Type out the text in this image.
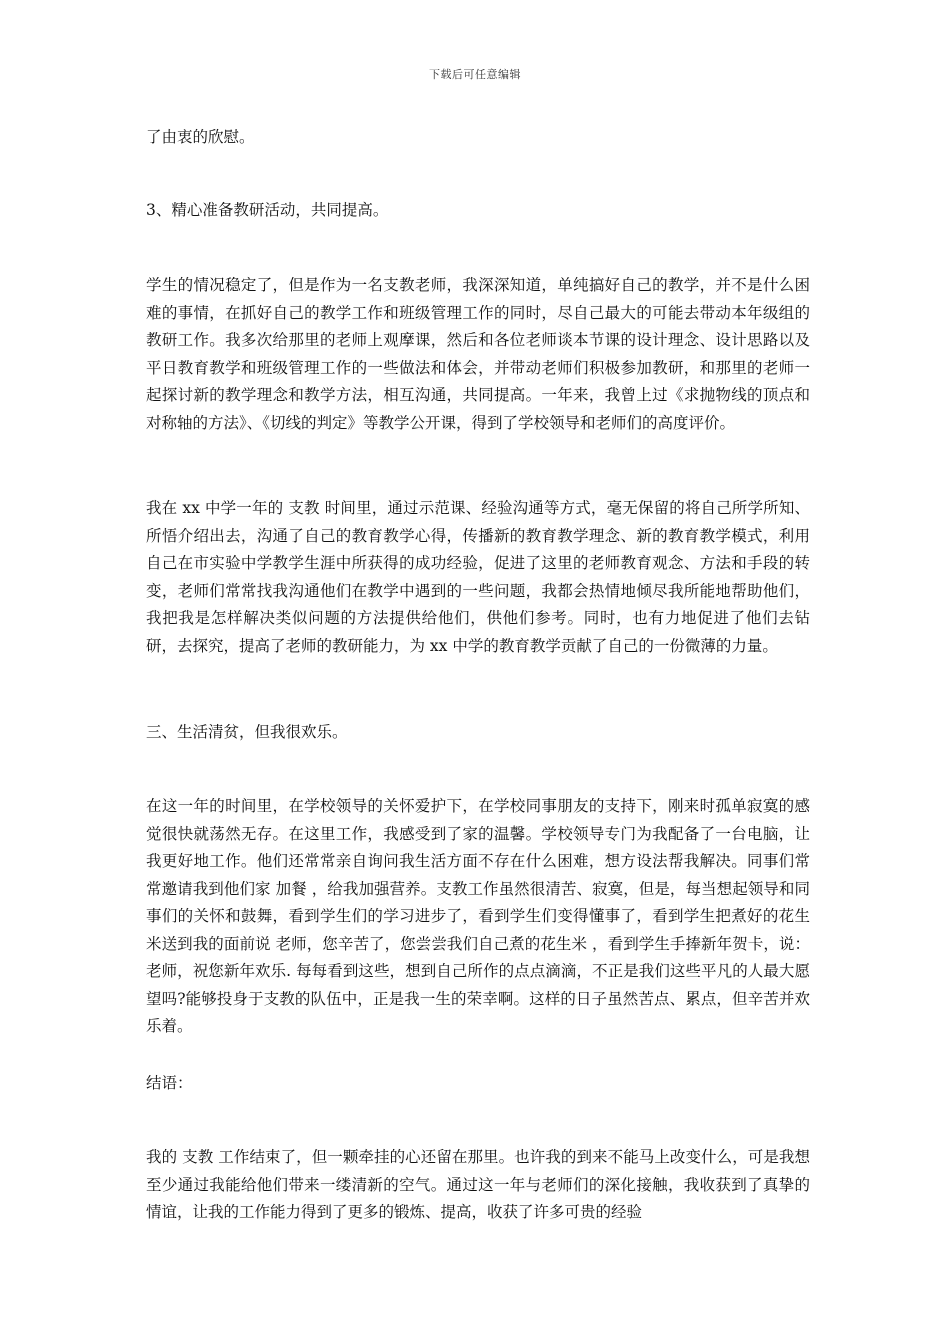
下载后可任意编辑

了由衷的欣慰。

3、精心准备教研活动，共同提高。

学生的情况稳定了，但是作为一名支教老师，我深深知道，单纯搞好自己的教学，并不是什么困难的事情，在抓好自己的教学工作和班级管理工作的同时，尽自己最大的可能去带动本年级组的教研工作。我多次给那里的老师上观摩课，然后和各位老师谈本节课的设计理念、设计思路以及平日教育教学和班级管理工作的一些做法和体会，并带动老师们积极参加教研，和那里的老师一起探讨新的教学理念和教学方法，相互沟通，共同提高。一年来，我曾上过《求抛物线的顶点和对称轴的方法》、《切线的判定》等教学公开课，得到了学校领导和老师们的高度评价。

我在 xx 中学一年的 支教 时间里，通过示范课、经验沟通等方式，毫无保留的将自己所学所知、所悟介绍出去，沟通了自己的教育教学心得，传播新的教育教学理念、新的教育教学模式，利用自己在市实验中学教学生涯中所获得的成功经验，促进了这里的老师教育观念、方法和手段的转变，老师们常常找我沟通他们在教学中遇到的一些问题，我都会热情地倾尽我所能地帮助他们，我把我是怎样解决类似问题的方法提供给他们，供他们参考。同时，也有力地促进了他们去钻研，去探究，提高了老师的教研能力，为 xx 中学的教育教学贡献了自己的一份微薄的力量。

三、生活清贫，但我很欢乐。

在这一年的时间里，在学校领导的关怀爱护下，在学校同事朋友的支持下，刚来时孤单寂寞的感觉很快就荡然无存。在这里工作，我感受到了家的温馨。学校领导专门为我配备了一台电脑，让我更好地工作。他们还常常亲自询问我生活方面不存在什么困难，想方设法帮我解决。同事们常常邀请我到他们家 加餐 ，给我加强营养。支教工作虽然很清苦、寂寞，但是，每当想起领导和同事们的关怀和鼓舞，看到学生们的学习进步了，看到学生们变得懂事了，看到学生把煮好的花生米送到我的面前说 老师，您辛苦了，您尝尝我们自己煮的花生米 ，看到学生手捧新年贺卡，说： 老师，祝您新年欢乐. 每每看到这些，想到自己所作的点点滴滴，不正是我们这些平凡的人最大愿望吗?能够投身于支教的队伍中，正是我一生的荣幸啊。这样的日子虽然苦点、累点，但辛苦并欢乐着。

结语：

我的 支教 工作结束了，但一颗牵挂的心还留在那里。也许我的到来不能马上改变什么，可是我想至少通过我能给他们带来一缕清新的空气。通过这一年与老师们的深化接触，我收获到了真挚的情谊，让我的工作能力得到了更多的锻炼、提高，收获了许多可贵的经验
